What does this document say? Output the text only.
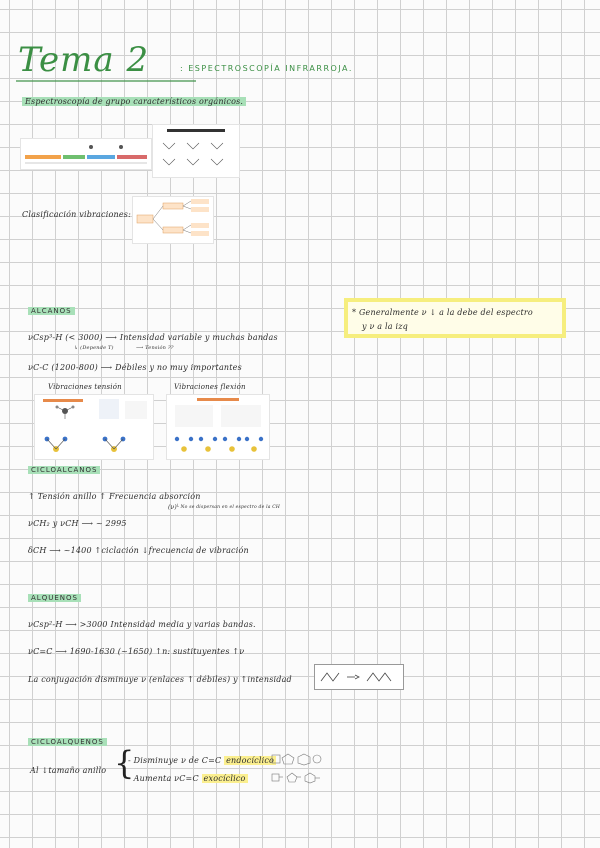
Tema 2	: ESPECTROSCOPÍA INFRARROJA.
Espectroscopía de grupo característicos orgánicos.
Clasificación vibraciones:
* Generalmente ν ↓ a la debe del espectro
y ν a la izq
ALCANOS
νCsp³-H (< 3000) ⟶ Intensidad variable y muchas bandas
↳ (Depende T)	⟶ Tensión ??
νC-C (1200-800) ⟶ Débiles y no muy importantes
Vibraciones tensión	Vibraciones flexión
CICLOALCANOS
↑ Tensión anillo ↑ Frecuencia absorción
(ν) └ No se dispersan en el espectro de la CH
νCH₂ y νCH ⟶ ~ 2995
δCH ⟶ ~1400 ↑ciclación ↓frecuencia de vibración
ALQUENOS
νCsp²-H ⟶ >3000 Intensidad media y varias bandas.
νC=C ⟶ 1690-1630 (~1650) ↑n: sustituyentes ↑ν
La conjugación disminuye ν (enlaces ↑ débiles) y ↑intensidad
CICLOALQUENOS
Al ↓tamaño anillo {
- Disminuye ν de C=C endocíclico
- Aumenta νC=C exocíclico
